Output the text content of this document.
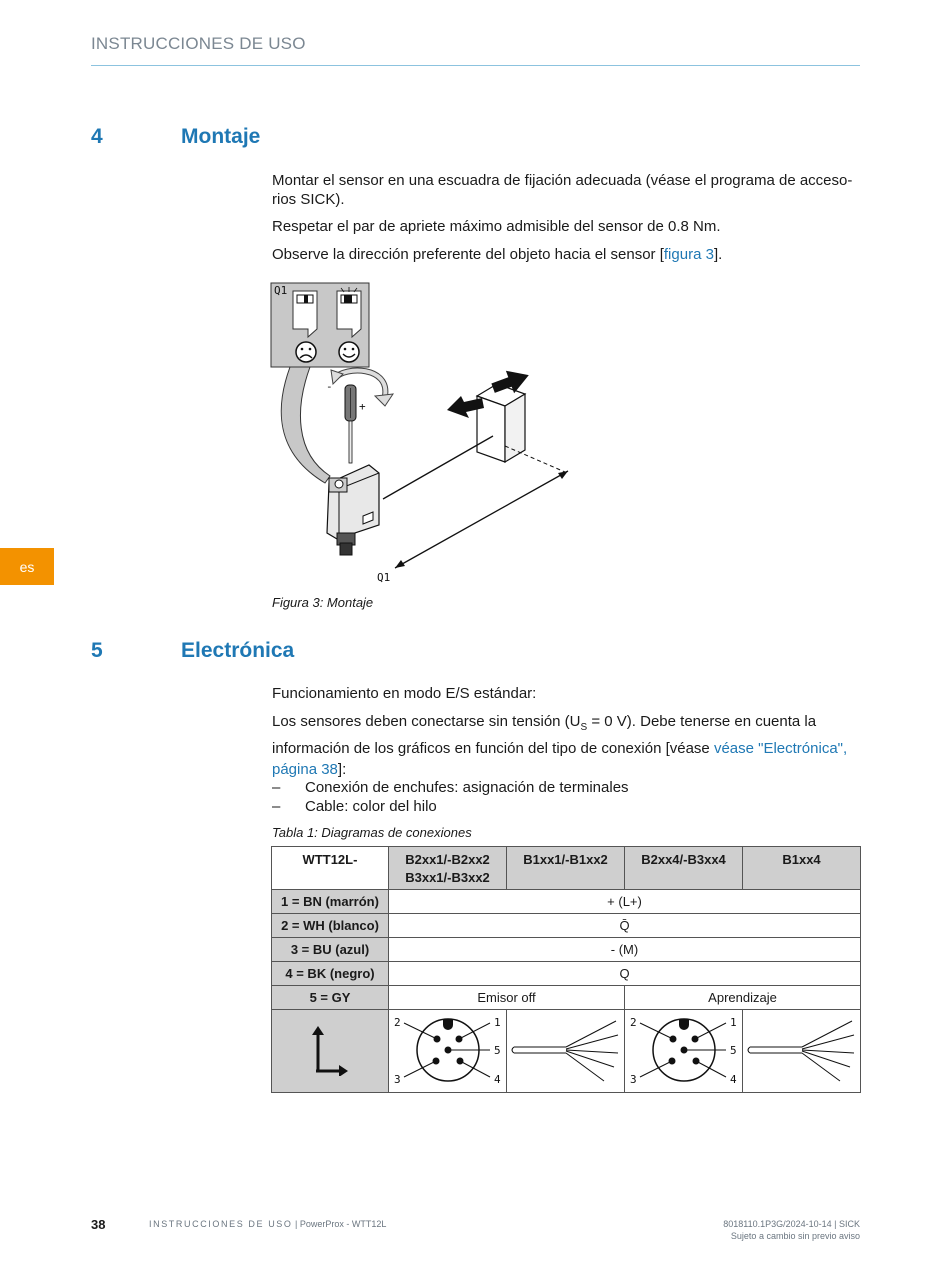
INSTRUCCIONES DE USO
es
4	Montaje
Montar el sensor en una escuadra de fijación adecuada (véase el programa de acceso-rios SICK).
Respetar el par de apriete máximo admisible del sensor de 0.8 Nm.
Observe la dirección preferente del objeto hacia el sensor [figura 3].
Q1
-
+
Q1
Figura 3: Montaje
5	Electrónica
Funcionamiento en modo E/S estándar:
Los sensores deben conectarse sin tensión ($U_S = 0$ V). Debe tenerse en cuenta la información de los gráficos en función del tipo de conexión [véase véase "Electrónica", página 38]:
– Conexión de enchufes: asignación de terminales
– Cable: color del hilo
Tabla 1: Diagramas de conexiones
WTT12L-	B2xx1/-B2xx2 B3xx1/-B3xx2	B1xx1/-B1xx2	B2xx4/-B3xx4	B1xx4
1 = BN (marrón)	+ (L+)			
2 = WH (blanco)	Q̄			
3 = BU (azul)	- (M)			
4 = BK (negro)	Q			
5 = GY	Emisor off		Aprendizaje	

1
2
5
4
3		1
2
5
4
3

38	INSTRUCCIONES DE USO | PowerProx - WTT12L	8018110.1P3G/2024-10-14 | SICK
Sujeto a cambio sin previo aviso
